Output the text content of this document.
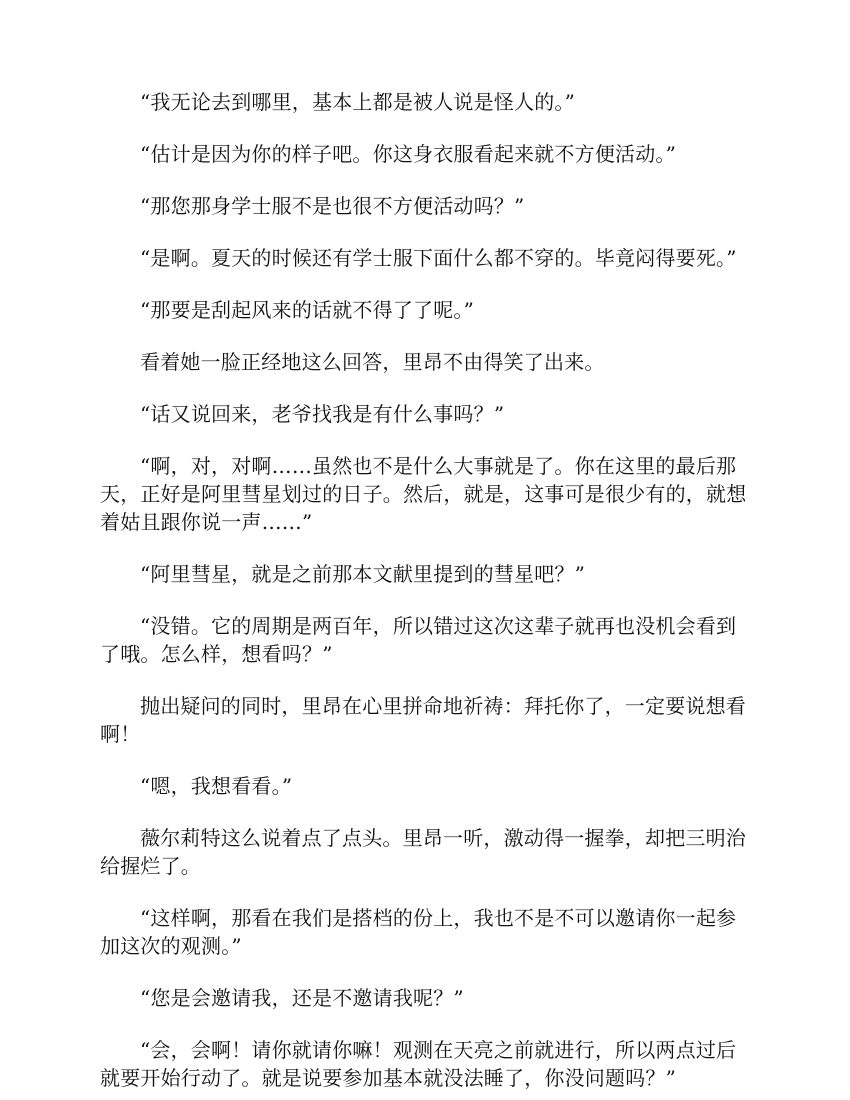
“我无论去到哪里，基本上都是被人说是怪人的。”

“估计是因为你的样子吧。你这身衣服看起来就不方便活动。”

“那您那身学士服不是也很不方便活动吗？”

“是啊。夏天的时候还有学士服下面什么都不穿的。毕竟闷得要死。”

“那要是刮起风来的话就不得了了呢。”

看着她一脸正经地这么回答，里昂不由得笑了出来。

“话又说回来，老爷找我是有什么事吗？”

“啊，对，对啊……虽然也不是什么大事就是了。你在这里的最后那天，正好是阿里彗星划过的日子。然后，就是，这事可是很少有的，就想着姑且跟你说一声……”

“阿里彗星，就是之前那本文献里提到的彗星吧？”

“没错。它的周期是两百年，所以错过这次这辈子就再也没机会看到了哦。怎么样，想看吗？”

抛出疑问的同时，里昂在心里拼命地祈祷：拜托你了，一定要说想看啊！

“嗯，我想看看。”

薇尔莉特这么说着点了点头。里昂一听，激动得一握拳，却把三明治给握烂了。

“这样啊，那看在我们是搭档的份上，我也不是不可以邀请你一起参加这次的观测。”

“您是会邀请我，还是不邀请我呢？”

“会，会啊！请你就请你嘛！观测在天亮之前就进行，所以两点过后就要开始行动了。就是说要参加基本就没法睡了，你没问题吗？”
